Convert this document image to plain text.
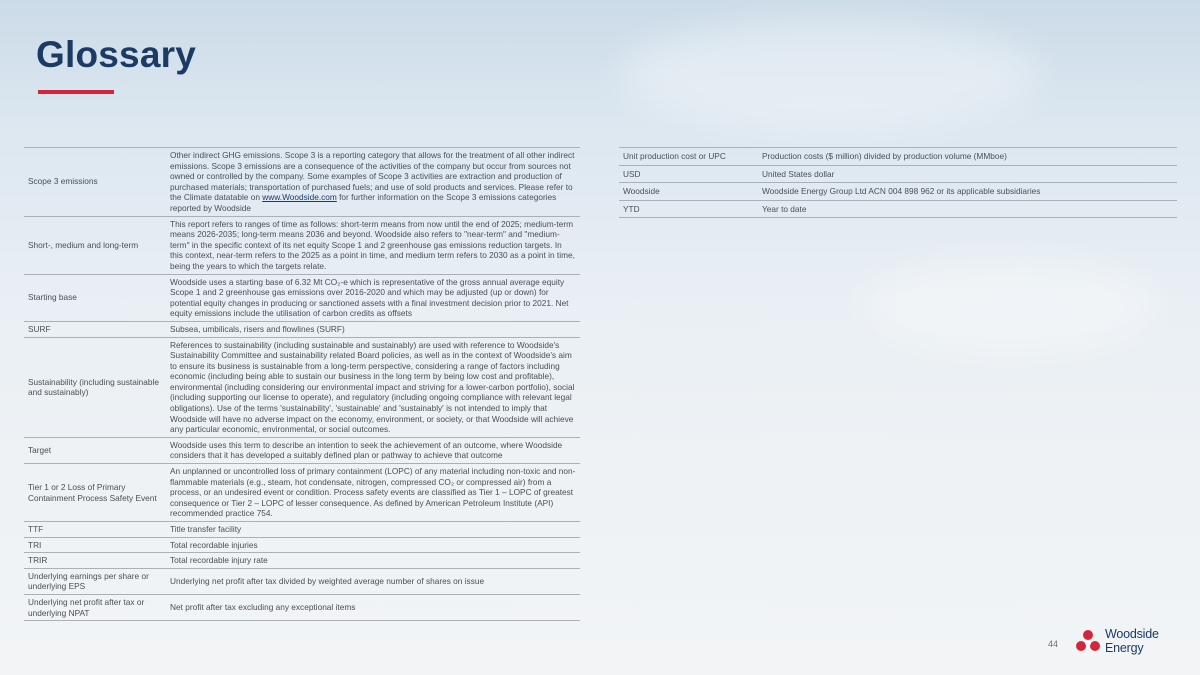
Glossary
Scope 3 emissions	Other indirect GHG emissions. Scope 3 is a reporting category that allows for the treatment of all other indirect emissions. Scope 3 emissions are a consequence of the activities of the company but occur from sources not owned or controlled by the company. Some examples of Scope 3 activities are extraction and production of purchased materials; transportation of purchased fuels; and use of sold products and services. Please refer to the Climate datatable on www.Woodside.com for further information on the Scope 3 emissions categories reported by Woodside
Short-, medium and long-term	This report refers to ranges of time as follows: short-term means from now until the end of 2025; medium-term means 2026-2035; long-term means 2036 and beyond. Woodside also refers to "near-term" and "medium-term" in the specific context of its net equity Scope 1 and 2 greenhouse gas emissions reduction targets. In this context, near-term refers to the 2025 as a point in time, and medium term refers to 2030 as a point in time, being the years to which the targets relate.
Starting base	Woodside uses a starting base of 6.32 Mt CO₂-e which is representative of the gross annual average equity Scope 1 and 2 greenhouse gas emissions over 2016-2020 and which may be adjusted (up or down) for potential equity changes in producing or sanctioned assets with a final investment decision prior to 2021. Net equity emissions include the utilisation of carbon credits as offsets
SURF	Subsea, umbilicals, risers and flowlines (SURF)
Sustainability (including sustainable and sustainably)	References to sustainability (including sustainable and sustainably) are used with reference to Woodside's Sustainability Committee and sustainability related Board policies, as well as in the context of Woodside's aim to ensure its business is sustainable from a long-term perspective, considering a range of factors including economic (including being able to sustain our business in the long term by being low cost and profitable), environmental (including considering our environmental impact and striving for a lower-carbon portfolio), social (including supporting our license to operate), and regulatory (including ongoing compliance with relevant legal obligations). Use of the terms 'sustainability', 'sustainable' and 'sustainably' is not intended to imply that Woodside will have no adverse impact on the economy, environment, or society, or that Woodside will achieve any particular economic, environmental, or social outcomes.
Target	Woodside uses this term to describe an intention to seek the achievement of an outcome, where Woodside considers that it has developed a suitably defined plan or pathway to achieve that outcome
Tier 1 or 2 Loss of Primary Containment Process Safety Event	An unplanned or uncontrolled loss of primary containment (LOPC) of any material including non-toxic and non-flammable materials (e.g., steam, hot condensate, nitrogen, compressed CO₂ or compressed air) from a process, or an undesired event or condition. Process safety events are classified as Tier 1 – LOPC of greatest consequence or Tier 2 – LOPC of lesser consequence. As defined by American Petroleum Institute (API) recommended practice 754.
TTF	Title transfer facility
TRI	Total recordable injuries
TRIR	Total recordable injury rate
Underlying earnings per share or underlying EPS	Underlying net profit after tax divided by weighted average number of shares on issue
Underlying net profit after tax or underlying NPAT	Net profit after tax excluding any exceptional items
Unit production cost or UPC	Production costs ($ million) divided by production volume (MMboe)
USD	United States dollar
Woodside	Woodside Energy Group Ltd ACN 004 898 962 or its applicable subsidiaries
YTD	Year to date
44
Woodside
Energy
